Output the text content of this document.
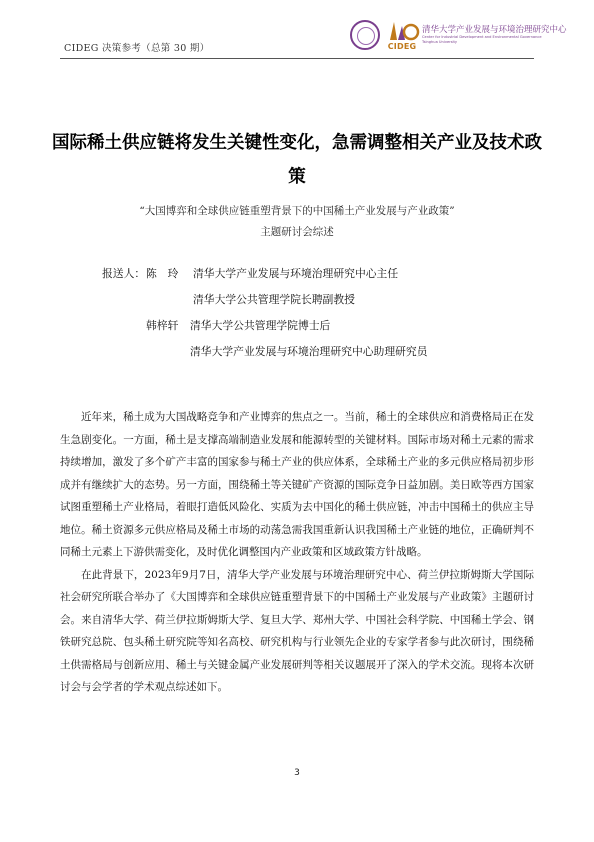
CIDEG 决策参考（总第 30 期）	CIDEG
清华大学产业发展与环境治理研究中心
Center for Industrial Development and Environmental Governance Tsinghua University
国际稀土供应链将发生关键性变化，急需调整相关产业及技术政策
“大国博弈和全球供应链重塑背景下的中国稀土产业发展与产业政策”
主题研讨会综述
报送人： 陈　玲 清华大学产业发展与环境治理研究中心主任
清华大学公共管理学院长聘副教授
韩梓轩 清华大学公共管理学院博士后
清华大学产业发展与环境治理研究中心助理研究员

近年来，稀土成为大国战略竞争和产业博弈的焦点之一。当前，稀土的全球供应和消费格局正在发生急剧变化。一方面，稀土是支撑高端制造业发展和能源转型的关键材料。国际市场对稀土元素的需求持续增加，激发了多个矿产丰富的国家参与稀土产业的供应体系，全球稀土产业的多元供应格局初步形成并有继续扩大的态势。另一方面，围绕稀土等关键矿产资源的国际竞争日益加剧。美日欧等西方国家试图重塑稀土产业格局，着眼打造低风险化、实质为去中国化的稀土供应链，冲击中国稀土的供应主导地位。稀土资源多元供应格局及稀土市场的动荡急需我国重新认识我国稀土产业链的地位，正确研判不同稀土元素上下游供需变化，及时优化调整国内产业政策和区域政策方针战略。

在此背景下，2023年9月7日，清华大学产业发展与环境治理研究中心、荷兰伊拉斯姆斯大学国际社会研究所联合举办了《大国博弈和全球供应链重塑背景下的中国稀土产业发展与产业政策》主题研讨会。来自清华大学、荷兰伊拉斯姆斯大学、复旦大学、郑州大学、中国社会科学院、中国稀土学会、钢铁研究总院、包头稀土研究院等知名高校、研究机构与行业领先企业的专家学者参与此次研讨，围绕稀土供需格局与创新应用、稀土与关键金属产业发展研判等相关议题展开了深入的学术交流。现将本次研讨会与会学者的学术观点综述如下。

3
